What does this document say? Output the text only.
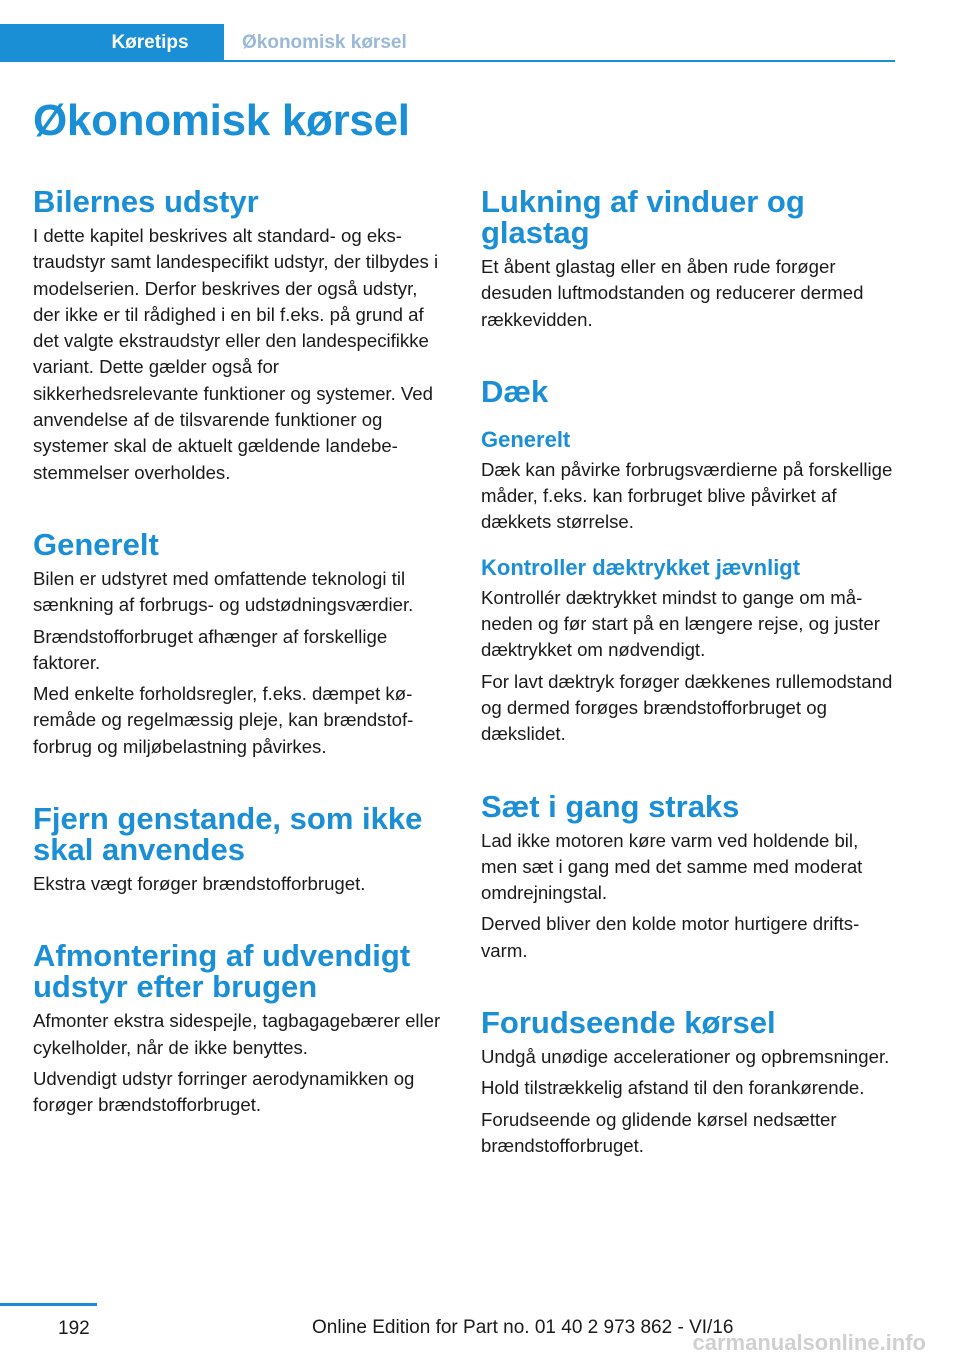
Køretips	Økonomisk kørsel
Økonomisk kørsel
Bilernes udstyr

I dette kapitel beskrives alt standard- og ekstraudstyr samt landespecifikt udstyr, der tilbydes i modelserien. Derfor beskrives der også udstyr, der ikke er til rådighed i en bil f.eks. på grund af det valgte ekstraudstyr eller den landespecifikke variant. Dette gælder også for sikkerhedsrelevante funktioner og systemer. Ved anvendelse af de tilsvarende funktioner og systemer skal de aktuelt gældende landebestemmelser overholdes.

Generelt

Bilen er udstyret med omfattende teknologi til sænkning af forbrugs- og udstødningsværdier.

Brændstofforbruget afhænger af forskellige faktorer.

Med enkelte forholdsregler, f.eks. dæmpet køremåde og regelmæssig pleje, kan brændstofforbrug og miljøbelastning påvirkes.

Fjern genstande, som ikke skal anvendes

Ekstra vægt forøger brændstofforbruget.

Afmontering af udvendigt udstyr efter brugen

Afmonter ekstra sidespejle, tagbagagebærer eller cykelholder, når de ikke benyttes.

Udvendigt udstyr forringer aerodynamikken og forøger brændstofforbruget.

Lukning af vinduer og glastag

Et åbent glastag eller en åben rude forøger desuden luftmodstanden og reducerer dermed rækkevidden.

Dæk
Generelt

Dæk kan påvirke forbrugsværdierne på forskellige måder, f.eks. kan forbruget blive påvirket af dækkets størrelse.

Kontroller dæktrykket jævnligt

Kontrollér dæktrykket mindst to gange om måneden og før start på en længere rejse, og juster dæktrykket om nødvendigt.

For lavt dæktryk forøger dækkenes rullemodstand og dermed forøges brændstofforbruget og dækslidet.

Sæt i gang straks

Lad ikke motoren køre varm ved holdende bil, men sæt i gang med det samme med moderat omdrejningstal.

Derved bliver den kolde motor hurtigere driftsvarm.

Forudseende kørsel

Undgå unødige accelerationer og opbremsninger.

Hold tilstrækkelig afstand til den forankørende.

Forudseende og glidende kørsel nedsætter brændstofforbruget.

192	Online Edition for Part no. 01 40 2 973 862 - VI/16
carmanualsonline.info
